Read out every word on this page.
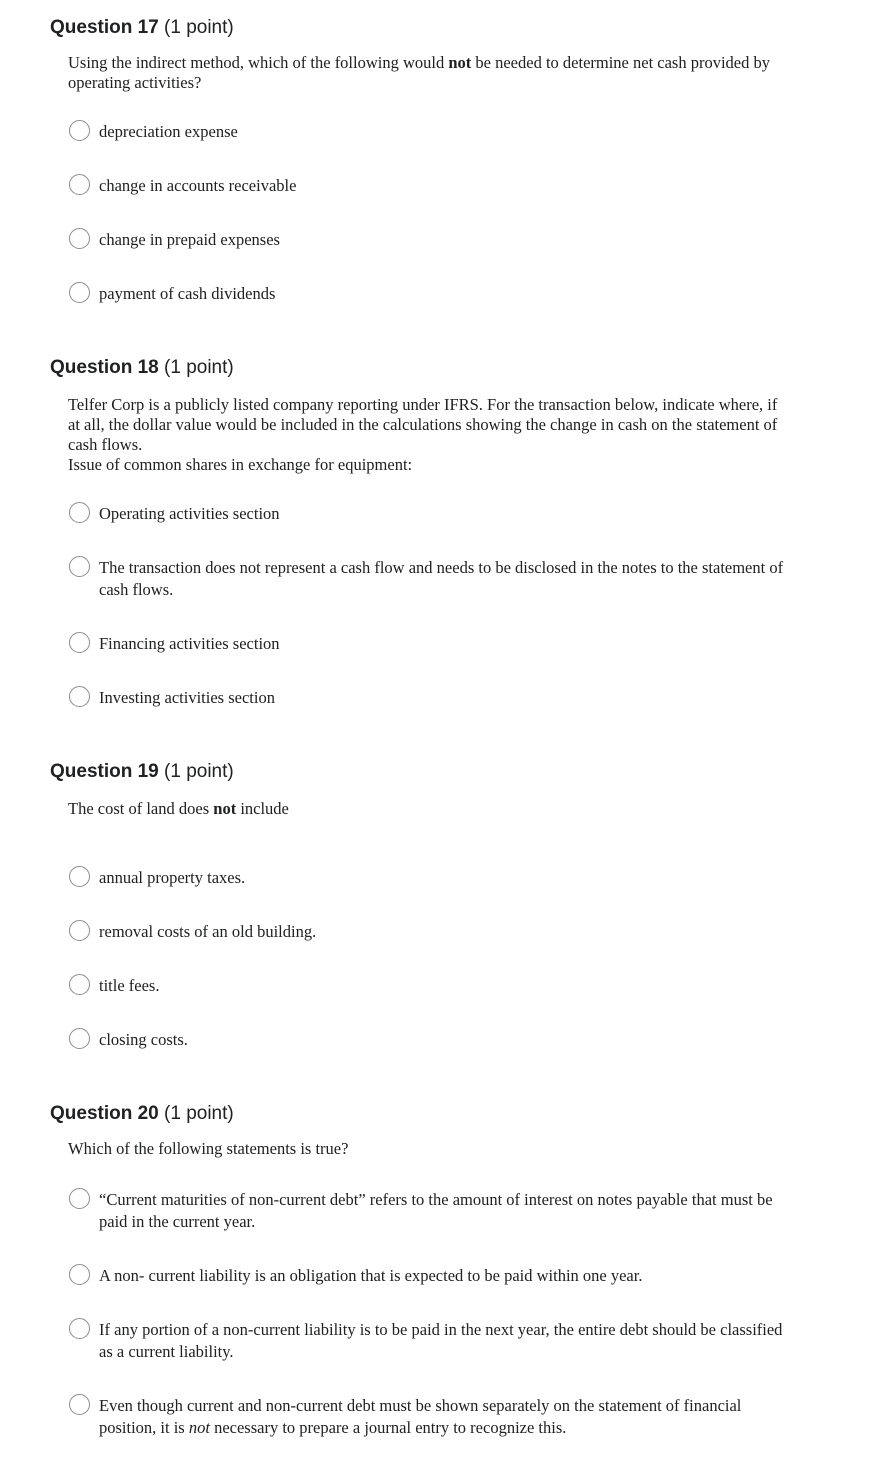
Question 17 (1 point)

Using the indirect method, which of the following would not be needed to determine net cash provided by operating activities?

depreciation expense
change in accounts receivable
change in prepaid expenses
payment of cash dividends
Question 18 (1 point)

Telfer Corp is a publicly listed company reporting under IFRS. For the transaction below, indicate where, if at all, the dollar value would be included in the calculations showing the change in cash on the statement of cash flows.
Issue of common shares in exchange for equipment:

Operating activities section
The transaction does not represent a cash flow and needs to be disclosed in the notes to the statement of cash flows.
Financing activities section
Investing activities section
Question 19 (1 point)

The cost of land does not include

annual property taxes.
removal costs of an old building.
title fees.
closing costs.
Question 20 (1 point)

Which of the following statements is true?

“Current maturities of non-current debt” refers to the amount of interest on notes payable that must be paid in the current year.
A non- current liability is an obligation that is expected to be paid within one year.
If any portion of a non-current liability is to be paid in the next year, the entire debt should be classified as a current liability.
Even though current and non-current debt must be shown separately on the statement of financial position, it is not necessary to prepare a journal entry to recognize this.
